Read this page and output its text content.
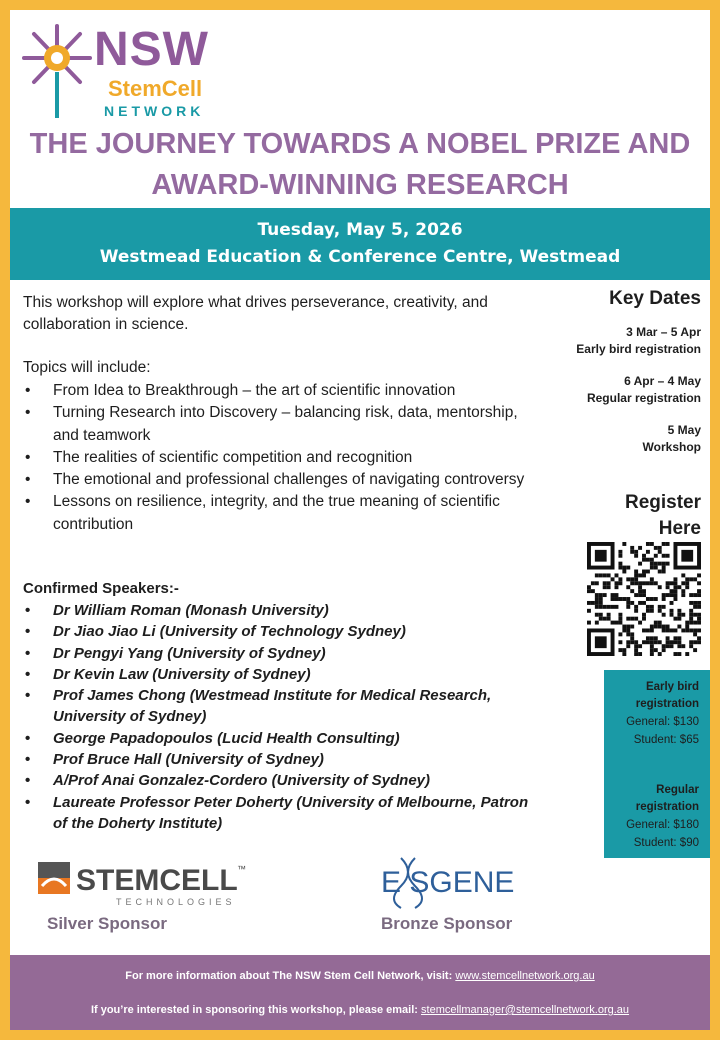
NSW
StemCell
NETWORK
THE JOURNEY TOWARDS A NOBEL PRIZE AND
AWARD-WINNING RESEARCH
Tuesday, May 5, 2026
Westmead Education & Conference Centre, Westmead
This workshop will explore what drives perseverance, creativity, and collaboration in science.
Topics will include:
• From Idea to Breakthrough – the art of scientific innovation
• Turning Research into Discovery – balancing risk, data, mentorship, and teamwork
• The realities of scientific competition and recognition
• The emotional and professional challenges of navigating controversy
• Lessons on resilience, integrity, and the true meaning of scientific contribution
Confirmed Speakers:-
• Dr William Roman (Monash University)
• Dr Jiao Jiao Li (University of Technology Sydney)
• Dr Pengyi Yang (University of Sydney)
• Dr Kevin Law (University of Sydney)
• Prof James Chong (Westmead Institute for Medical Research, University of Sydney)
• George Papadopoulos (Lucid Health Consulting)
• Prof Bruce Hall (University of Sydney)
• A/Prof Anai Gonzalez-Cordero (University of Sydney)
• Laureate Professor Peter Doherty (University of Melbourne, Patron of the Doherty Institute)
Key Dates
3 Mar – 5 Apr
Early bird registration
6 Apr – 4 May
Regular registration
5 May
Workshop
Register Here
Early bird
registration
General: $130
Student: $65
Regular
registration
General: $180
Student: $90
STEMCELL ™
TECHNOLOGIES
Silver Sponsor
E SGENE
Bronze Sponsor
For more information about The NSW Stem Cell Network, visit: www.stemcellnetwork.org.au
If you’re interested in sponsoring this workshop, please email: stemcellmanager@stemcellnetwork.org.au
